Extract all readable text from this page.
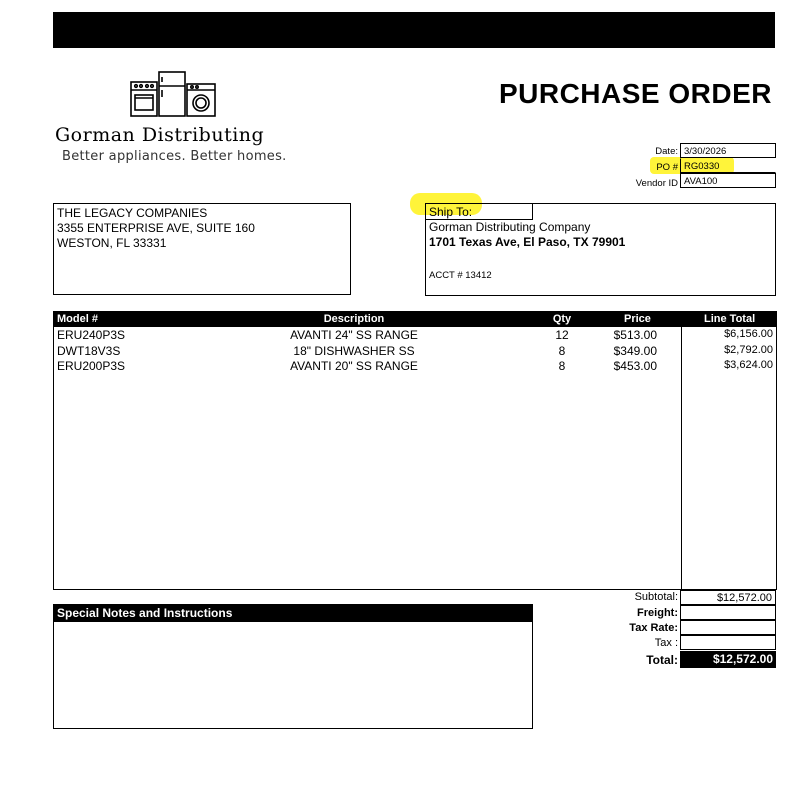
Gorman Distributing
Better appliances. Better homes.
PURCHASE ORDER
Date: 3/30/2026
PO # RG0330
Vendor ID AVA100
THE LEGACY COMPANIES
3355 ENTERPRISE AVE, SUITE 160
WESTON, FL 33331
Ship To:
Gorman Distributing Company
1701 Texas Ave, El Paso, TX 79901
ACCT # 13412
Model #	Description	Qty	Price	Line Total
ERU240P3S	AVANTI 24" SS RANGE	12	$513.00	$6,156.00
DWT18V3S	18" DISHWASHER SS	8	$349.00	$2,792.00
ERU200P3S	AVANTI 20" SS RANGE	8	$453.00	$3,624.00
Special Notes and Instructions
Subtotal:	$12,572.00
Freight:
Tax Rate:
Tax :
Total:	$12,572.00
